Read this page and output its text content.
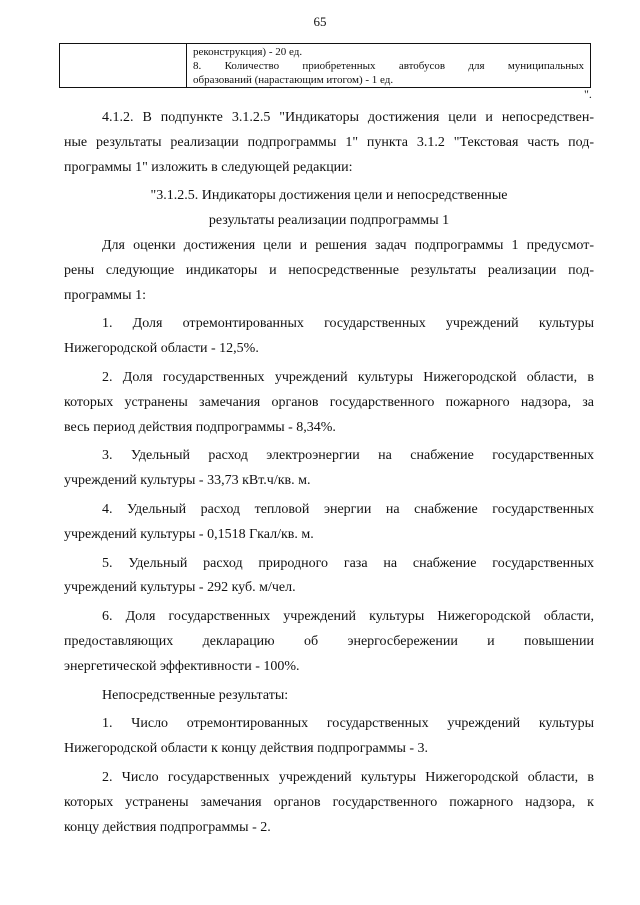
65

реконструкция) - 20 ед.
8. Количество приобретенных автобусов для муниципальных
образований (нарастающим итогом) - 1 ед.
".

4.1.2. В подпункте 3.1.2.5 "Индикаторы достижения цели и непосредствен-
ные результаты реализации подпрограммы 1" пункта 3.1.2 "Текстовая часть под-
программы 1" изложить в следующей редакции:

"3.1.2.5. Индикаторы достижения цели и непосредственные
результаты реализации подпрограммы 1

Для оценки достижения цели и решения задач подпрограммы 1 предусмот-
рены следующие индикаторы и непосредственные результаты реализации под-
программы 1:

1. Доля отремонтированных государственных учреждений культуры
Нижегородской области - 12,5%.

2. Доля государственных учреждений культуры Нижегородской области, в
которых устранены замечания органов государственного пожарного надзора, за
весь период действия подпрограммы - 8,34%.

3. Удельный расход электроэнергии на снабжение государственных
учреждений культуры - 33,73 кВт.ч/кв. м.

4. Удельный расход тепловой энергии на снабжение государственных
учреждений культуры - 0,1518 Гкал/кв. м.

5. Удельный расход природного газа на снабжение государственных
учреждений культуры - 292 куб. м/чел.

6. Доля государственных учреждений культуры Нижегородской области,
предоставляющих декларацию об энергосбережении и повышении
энергетической эффективности - 100%.

Непосредственные результаты:

1. Число отремонтированных государственных учреждений культуры
Нижегородской области к концу действия подпрограммы - 3.

2. Число государственных учреждений культуры Нижегородской области, в
которых устранены замечания органов государственного пожарного надзора, к
концу действия подпрограммы - 2.
